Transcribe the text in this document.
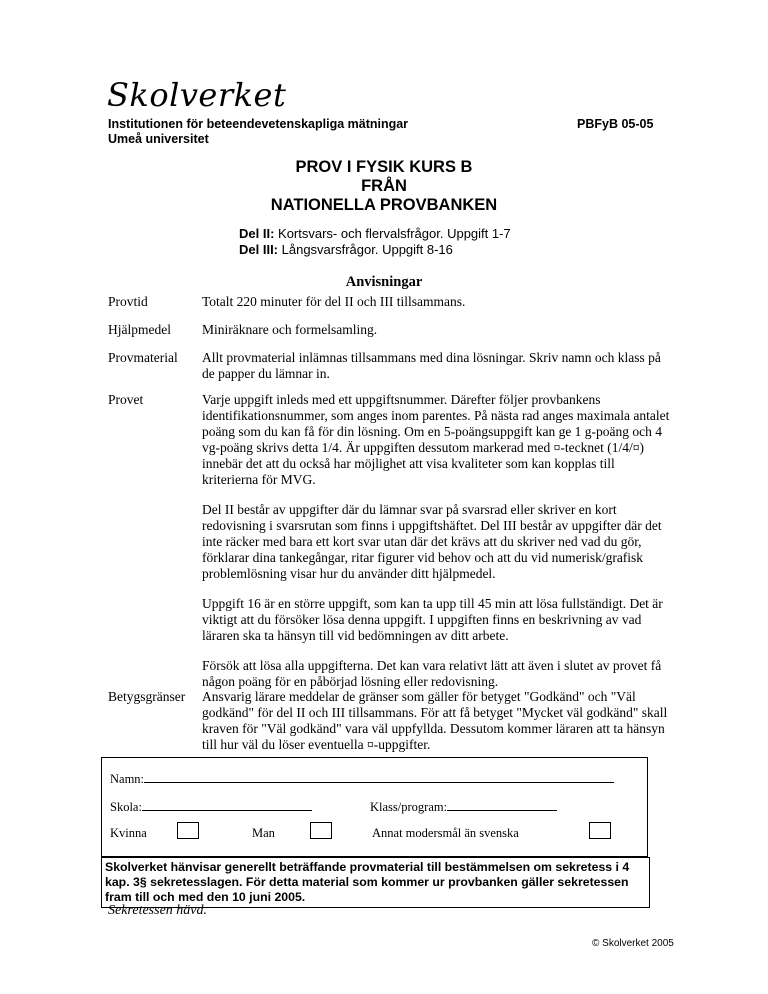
Skolverket
Institutionen för beteendevetenskapliga mätningar
Umeå universitet
PBFyB 05-05
PROV I FYSIK KURS B
FRÅN
NATIONELLA PROVBANKEN
Del II: Kortsvars- och flervalsfrågor. Uppgift 1-7
Del III: Långsvarsfrågor. Uppgift 8-16
Anvisningar
Provtid	Totalt 220 minuter för del II och III tillsammans.
Hjälpmedel Miniräknare och formelsamling.
Provmaterial Allt provmaterial inlämnas tillsammans med dina lösningar. Skriv namn och klass på de papper du lämnar in.
Provet	Varje uppgift inleds med ett uppgiftsnummer. Därefter följer provbankens identifikationsnummer, som anges inom parentes. På nästa rad anges maximala antalet poäng som du kan få för din lösning. Om en 5-poängsuppgift kan ge 1 g-poäng och 4 vg-poäng skrivs detta 1/4. Är uppgiften dessutom markerad med ¤-tecknet (1/4/¤) innebär det att du också har möjlighet att visa kvaliteter som kan kopplas till kriterierna för MVG.

Del II består av uppgifter där du lämnar svar på svarsrad eller skriver en kort redovisning i svarsrutan som finns i uppgiftshäftet. Del III består av uppgifter där det inte räcker med bara ett kort svar utan där det krävs att du skriver ned vad du gör, förklarar dina tankegångar, ritar figurer vid behov och att du vid numerisk/grafisk problemlösning visar hur du använder ditt hjälpmedel.

Uppgift 16 är en större uppgift, som kan ta upp till 45 min att lösa fullständigt. Det är viktigt att du försöker lösa denna uppgift. I uppgiften finns en beskrivning av vad läraren ska ta hänsyn till vid bedömningen av ditt arbete.

Försök att lösa alla uppgifterna. Det kan vara relativt lätt att även i slutet av provet få någon poäng för en påbörjad lösning eller redovisning.

Betygsgränser Ansvarig lärare meddelar de gränser som gäller för betyget "Godkänd" och "Väl godkänd" för del II och III tillsammans. För att få betyget "Mycket väl godkänd" skall kraven för "Väl godkänd" vara väl uppfyllda. Dessutom kommer läraren att ta hänsyn till hur väl du löser eventuella ¤-uppgifter.
Namn:
Skola:	Klass/program:
Kvinna	Man	Annat modersmål än svenska
Skolverket hänvisar generellt beträffande provmaterial till bestämmelsen om sekretess i 4 kap. 3§ sekretesslagen. För detta material som kommer ur provbanken gäller sekretessen fram till och med den 10 juni 2005.
Sekretessen hävd.
© Skolverket 2005
